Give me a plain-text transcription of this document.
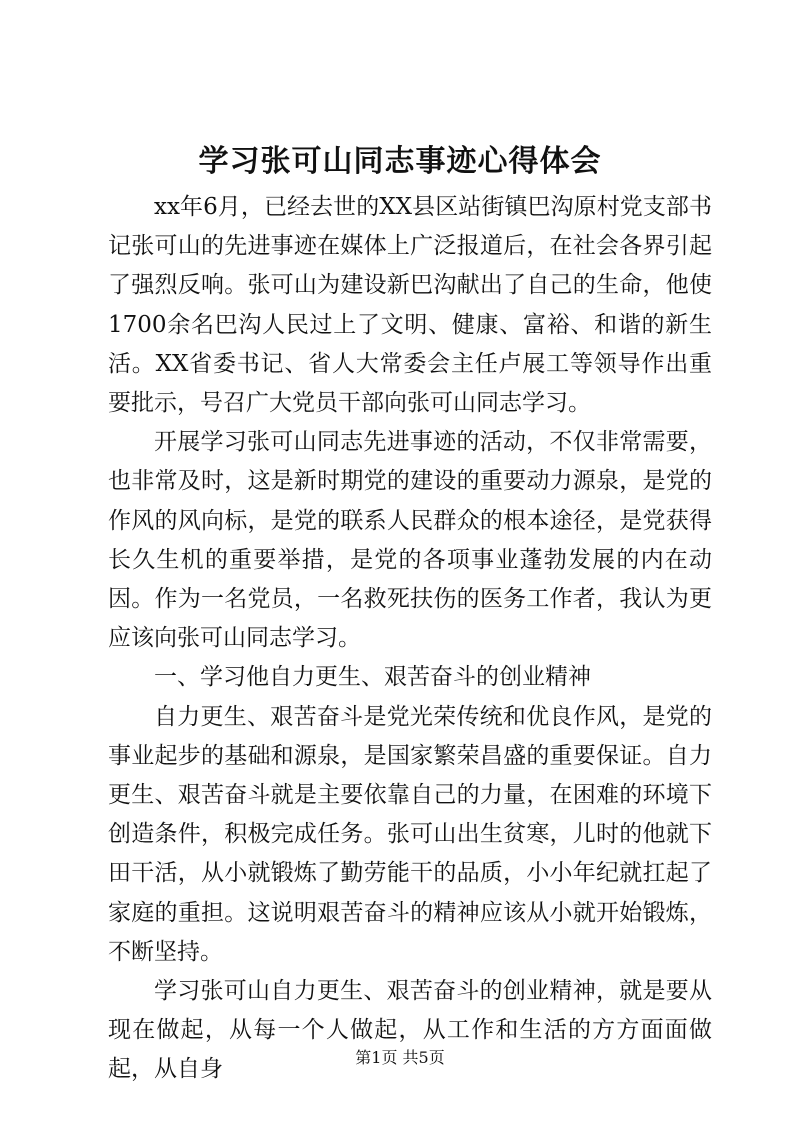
学习张可山同志事迹心得体会

xx年6月，已经去世的XX县区站街镇巴沟原村党支部书记张可山的先进事迹在媒体上广泛报道后，在社会各界引起了强烈反响。张可山为建设新巴沟献出了自己的生命，他使1700余名巴沟人民过上了文明、健康、富裕、和谐的新生活。XX省委书记、省人大常委会主任卢展工等领导作出重要批示，号召广大党员干部向张可山同志学习。

开展学习张可山同志先进事迹的活动，不仅非常需要，也非常及时，这是新时期党的建设的重要动力源泉，是党的作风的风向标，是党的联系人民群众的根本途径，是党获得长久生机的重要举措，是党的各项事业蓬勃发展的内在动因。作为一名党员，一名救死扶伤的医务工作者，我认为更应该向张可山同志学习。

一、学习他自力更生、艰苦奋斗的创业精神

自力更生、艰苦奋斗是党光荣传统和优良作风，是党的事业起步的基础和源泉，是国家繁荣昌盛的重要保证。自力更生、艰苦奋斗就是主要依靠自己的力量，在困难的环境下创造条件，积极完成任务。张可山出生贫寒，儿时的他就下田干活，从小就锻炼了勤劳能干的品质，小小年纪就扛起了家庭的重担。这说明艰苦奋斗的精神应该从小就开始锻炼，不断坚持。

学习张可山自力更生、艰苦奋斗的创业精神，就是要从现在做起，从每一个人做起，从工作和生活的方方面面做起，从自身	第1页 共5页
